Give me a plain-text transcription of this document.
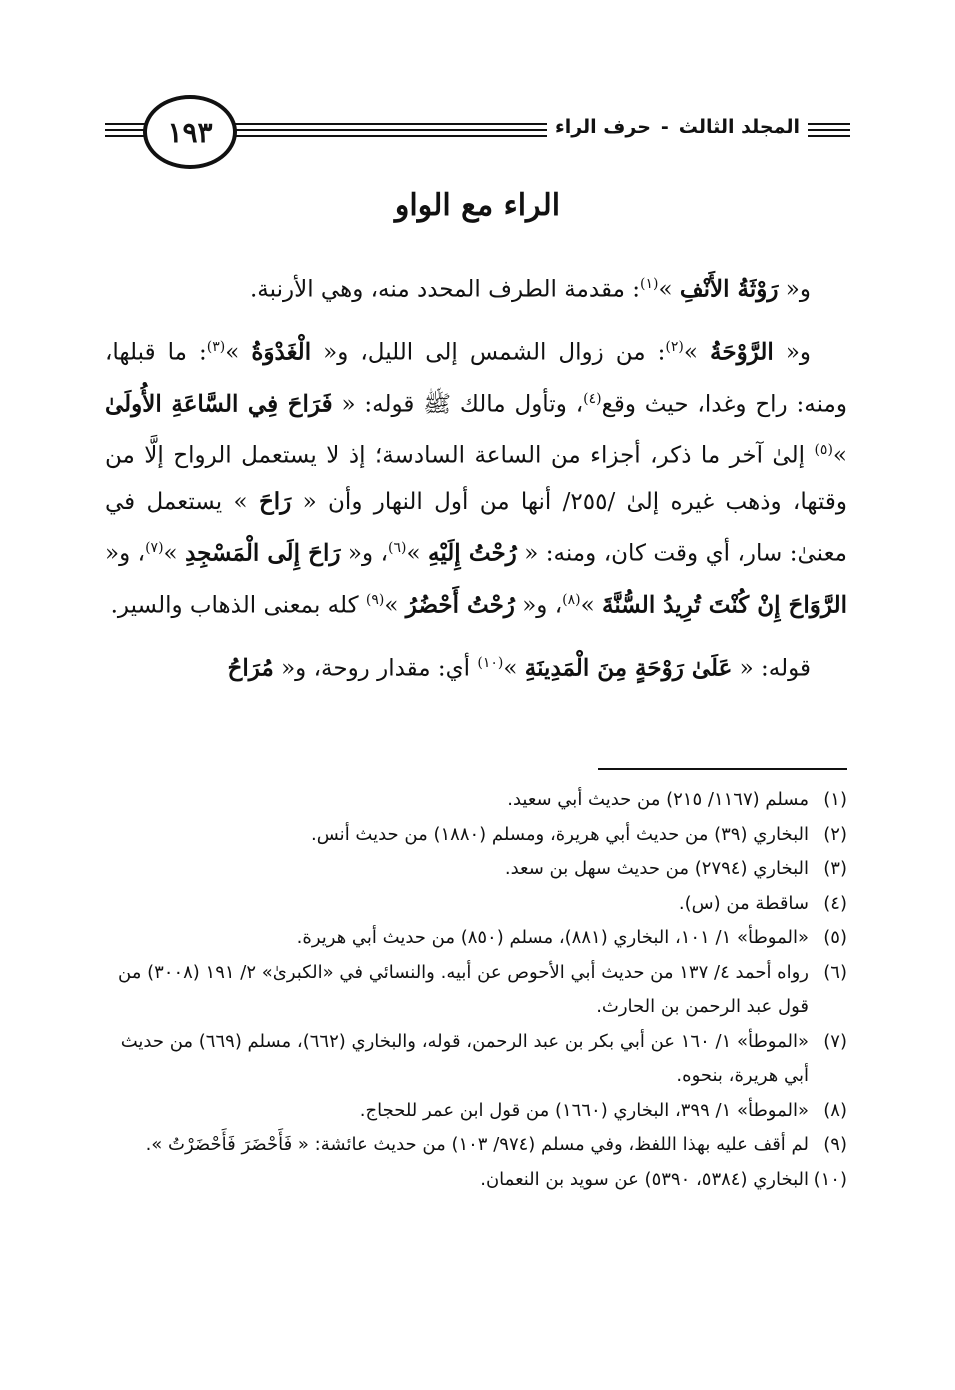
١٩٣	المجلد الثالث-حرف الراء
الراء مع الواو

و« رَوْثَةُ الأَنْفِ »$^{(١)}$: مقدمة الطرف المحدد منه، وهي الأرنبة.

و« الرَّوْحَةُ »$^{(٢)}$: من زوال الشمس إلى الليل، و« الْغَدْوَةُ »$^{(٣)}$: ما قبلها، ومنه: راح وغدا، حيث وقع$^{(٤)}$، وتأول مالك ﷺ قوله: « فَرَاحَ فِي السَّاعَةِ الأُولَىٰ »$^{(٥)}$ إلىٰ آخر ما ذكر، أجزاء من الساعة السادسة؛ إذ لا يستعمل الرواح إلَّا من وقتها، وذهب غيره إلىٰ /٢٥٥/ أنها من أول النهار وأن « رَاحَ » يستعمل في معنىٰ: سار، أي وقت كان، ومنه: « رُحْتُ إِلَيْهِ »$^{(٦)}$، و« رَاحَ إِلَى الْمَسْجِدِ »$^{(٧)}$، و« الرَّوَاحَ إِنْ كُنْتَ تُرِيدُ السُّنَّةَ »$^{(٨)}$، و« رُحْتُ أَحْضُرُ »$^{(٩)}$ كله بمعنى الذهاب والسير.

قوله: « عَلَىٰ رَوْحَةٍ مِنَ الْمَدِينَةِ »$^{(١٠)}$ أي: مقدار روحة، و« مُرَاحُ

(١)
مسلم (١١٦٧/ ٢١٥) من حديث أبي سعيد.
(٢)
البخاري (٣٩) من حديث أبي هريرة، ومسلم (١٨٨٠) من حديث أنس.
(٣)
البخاري (٢٧٩٤) من حديث سهل بن سعد.
(٤)
ساقطة من (س).
(٥)
«الموطأ» ١/ ١٠١، البخاري (٨٨١)، مسلم (٨٥٠) من حديث أبي هريرة.
(٦)
رواه أحمد ٤/ ١٣٧ من حديث أبي الأحوص عن أبيه. والنسائي في «الكبرىٰ» ٢/ ١٩١ (٣٠٠٨) من قول عبد الرحمن بن الحارث.
(٧)
«الموطأ» ١/ ١٦٠ عن أبي بكر بن عبد الرحمن، قوله، والبخاري (٦٦٢)، مسلم (٦٦٩) من حديث أبي هريرة، بنحوه.
(٨)
«الموطأ» ١/ ٣٩٩، البخاري (١٦٦٠) من قول ابن عمر للحجاج.
(٩)
لم أقف عليه بهذا اللفظ، وفي مسلم (٩٧٤/ ١٠٣) من حديث عائشة: « فَأَحْضَرَ فَأَحْضَرْتُ ».
(١٠)
البخاري (٥٣٨٤، ٥٣٩٠) عن سويد بن النعمان.
